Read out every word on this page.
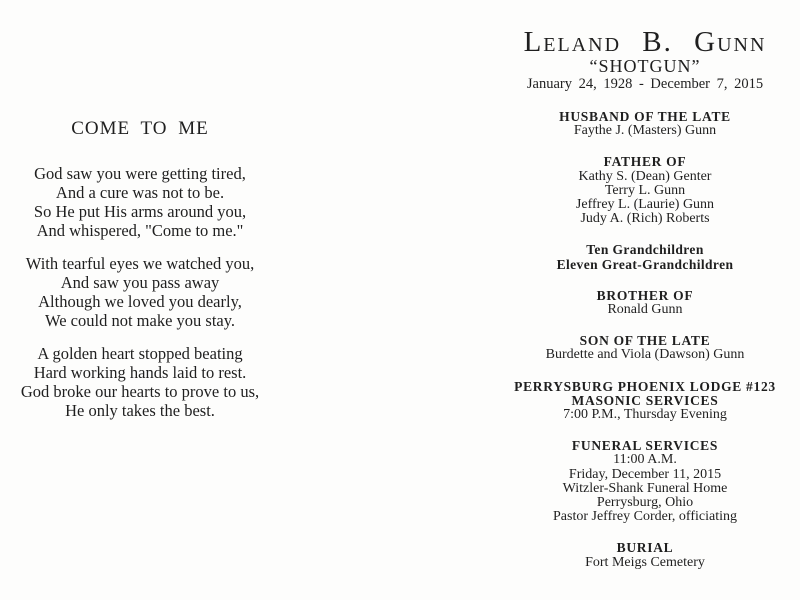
COME TO ME
God saw you were getting tired,
And a cure was not to be.
So He put His arms around you,
And whispered, "Come to me."
With tearful eyes we watched you,
And saw you pass away
Although we loved you dearly,
We could not make you stay.
A golden heart stopped beating
Hard working hands laid to rest.
God broke our hearts to prove to us,
He only takes the best.
Leland B. Gunn
“SHOTGUN”
January 24, 1928 - December 7, 2015
HUSBAND OF THE LATE
Faythe J. (Masters) Gunn
FATHER OF
Kathy S. (Dean) Genter
Terry L. Gunn
Jeffrey L. (Laurie) Gunn
Judy A. (Rich) Roberts
Ten Grandchildren
Eleven Great-Grandchildren
BROTHER OF
Ronald Gunn
SON OF THE LATE
Burdette and Viola (Dawson) Gunn
PERRYSBURG PHOENIX LODGE #123
MASONIC SERVICES
7:00 P.M., Thursday Evening
FUNERAL SERVICES
11:00 A.M.
Friday, December 11, 2015
Witzler-Shank Funeral Home
Perrysburg, Ohio
Pastor Jeffrey Corder, officiating
BURIAL
Fort Meigs Cemetery
